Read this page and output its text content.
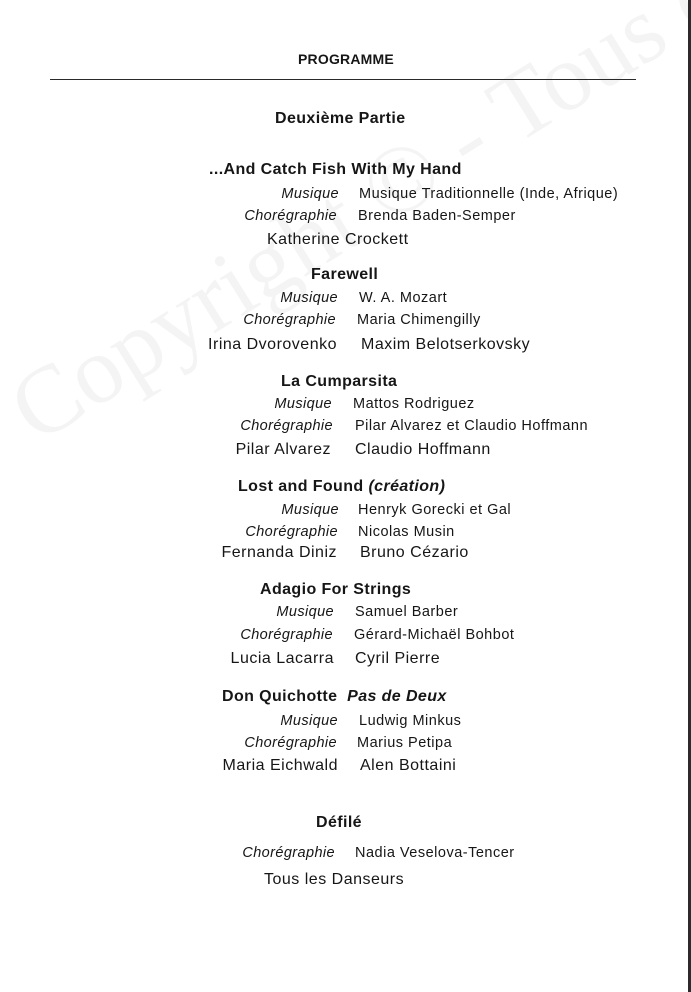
PROGRAMME
Deuxième Partie
...And Catch Fish With My Hand
Musique Musique Traditionnelle (Inde, Afrique)
Chorégraphie Brenda Baden-Semper
Katherine Crockett
Farewell
Musique W. A. Mozart
Chorégraphie Maria Chimengilly
Irina Dvorovenko Maxim Belotserkovsky
La Cumparsita
Musique Mattos Rodriguez
Chorégraphie Pilar Alvarez et Claudio Hoffmann
Pilar Alvarez Claudio Hoffmann
Lost and Found (création)
Musique Henryk Gorecki et Gal
Chorégraphie Nicolas Musin
Fernanda Diniz Bruno Cézario
Adagio For Strings
Musique Samuel Barber
Chorégraphie Gérard-Michaël Bohbot
Lucia Lacarra Cyril Pierre
Don Quichotte Pas de Deux
Musique Ludwig Minkus
Chorégraphie Marius Petipa
Maria Eichwald Alen Bottaini
Défilé
Chorégraphie Nadia Veselova-Tencer
Tous les Danseurs
